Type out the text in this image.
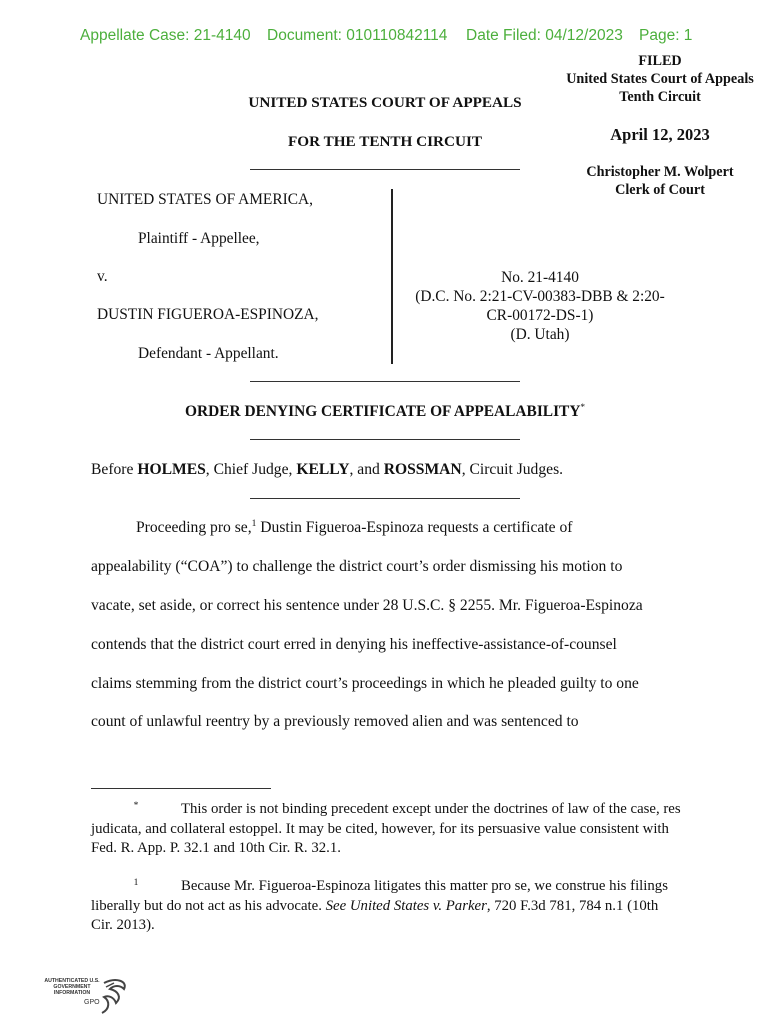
Appellate Case: 21-4140 Document: 010110842114 Date Filed: 04/12/2023 Page: 1
FILED
United States Court of Appeals
Tenth Circuit
April 12, 2023
Christopher M. Wolpert
Clerk of Court
UNITED STATES COURT OF APPEALS
FOR THE TENTH CIRCUIT
UNITED STATES OF AMERICA,
Plaintiff - Appellee,
v.
DUSTIN FIGUEROA-ESPINOZA,
Defendant - Appellant.
No. 21-4140
(D.C. No. 2:21-CV-00383-DBB & 2:20-
CR-00172-DS-1)
(D. Utah)
ORDER DENYING CERTIFICATE OF APPEALABILITY*
Before HOLMES, Chief Judge, KELLY, and ROSSMAN, Circuit Judges.
Proceeding pro se,$^1$ Dustin Figueroa-Espinoza requests a certificate of
appealability (“COA”) to challenge the district court’s order dismissing his motion to
vacate, set aside, or correct his sentence under 28 U.S.C. § 2255. Mr. Figueroa-Espinoza
contends that the district court erred in denying his ineffective-assistance-of-counsel
claims stemming from the district court’s proceedings in which he pleaded guilty to one
count of unlawful reentry by a previously removed alien and was sentenced to
*	This order is not binding precedent except under the doctrines of law of the case, res judicata, and collateral estoppel. It may be cited, however, for its persuasive value consistent with Fed. R. App. P. 32.1 and 10th Cir. R. 32.1.
1	Because Mr. Figueroa-Espinoza litigates this matter pro se, we construe his filings liberally but do not act as his advocate. See United States v. Parker, 720 F.3d 781, 784 n.1 (10th Cir. 2013).
AUTHENTICATED U.S. GOVERNMENT INFORMATION
GPO
